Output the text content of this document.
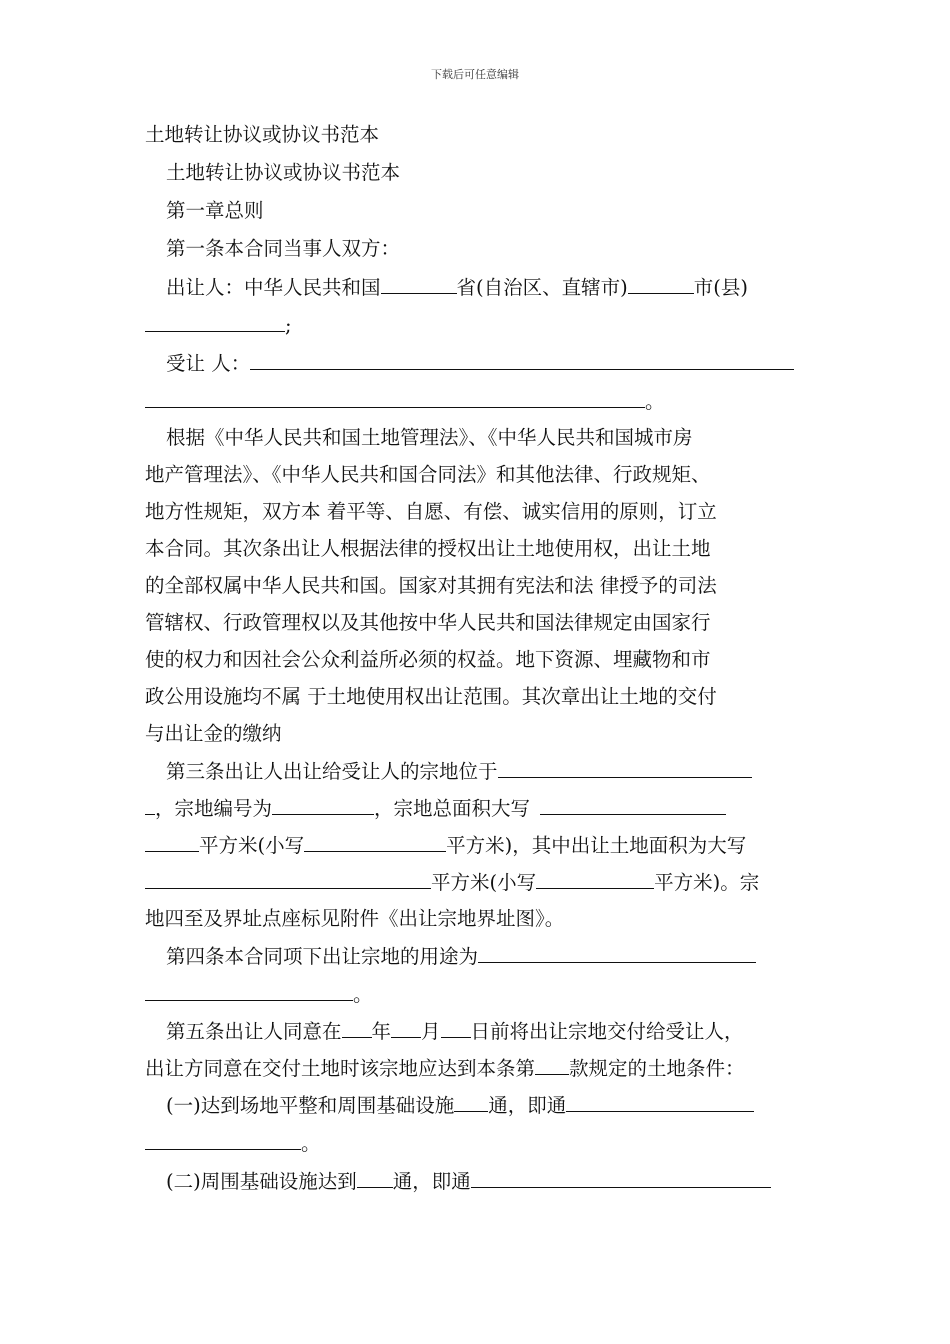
下载后可任意编辑
土地转让协议或协议书范本
土地转让协议或协议书范本
第一章总则
第一条本合同当事人双方：
出让人：中华人民共和国	省(自治区、直辖市)	市(县)
;
受让 人：
。
根据《中华人民共和国土地管理法》、《中华人民共和国城市房
地产管理法》、《中华人民共和国合同法》和其他法律、行政规矩、
地方性规矩，双方本 着平等、自愿、有偿、诚实信用的原则，订立
本合同。其次条出让人根据法律的授权出让土地使用权，出让土地
的全部权属中华人民共和国。国家对其拥有宪法和法 律授予的司法
管辖权、行政管理权以及其他按中华人民共和国法律规定由国家行
使的权力和因社会公众利益所必须的权益。地下资源、埋藏物和市
政公用设施均不属 于土地使用权出让范围。其次章出让土地的交付
与出让金的缴纳
第三条出让人出让给受让人的宗地位于
，宗地编号为	，宗地总面积大写
平方米(小写	平方米)，其中出让土地面积为大写
平方米(小写	平方米)。宗
地四至及界址点座标见附件《出让宗地界址图》。
第四条本合同项下出让宗地的用途为
。
第五条出让人同意在 年 月 日前将出让宗地交付给受让人，
出让方同意在交付土地时该宗地应达到本条第 款规定的土地条件：
(一)达到场地平整和周围基础设施 通，即通
。
(二)周围基础设施达到 通，即通
